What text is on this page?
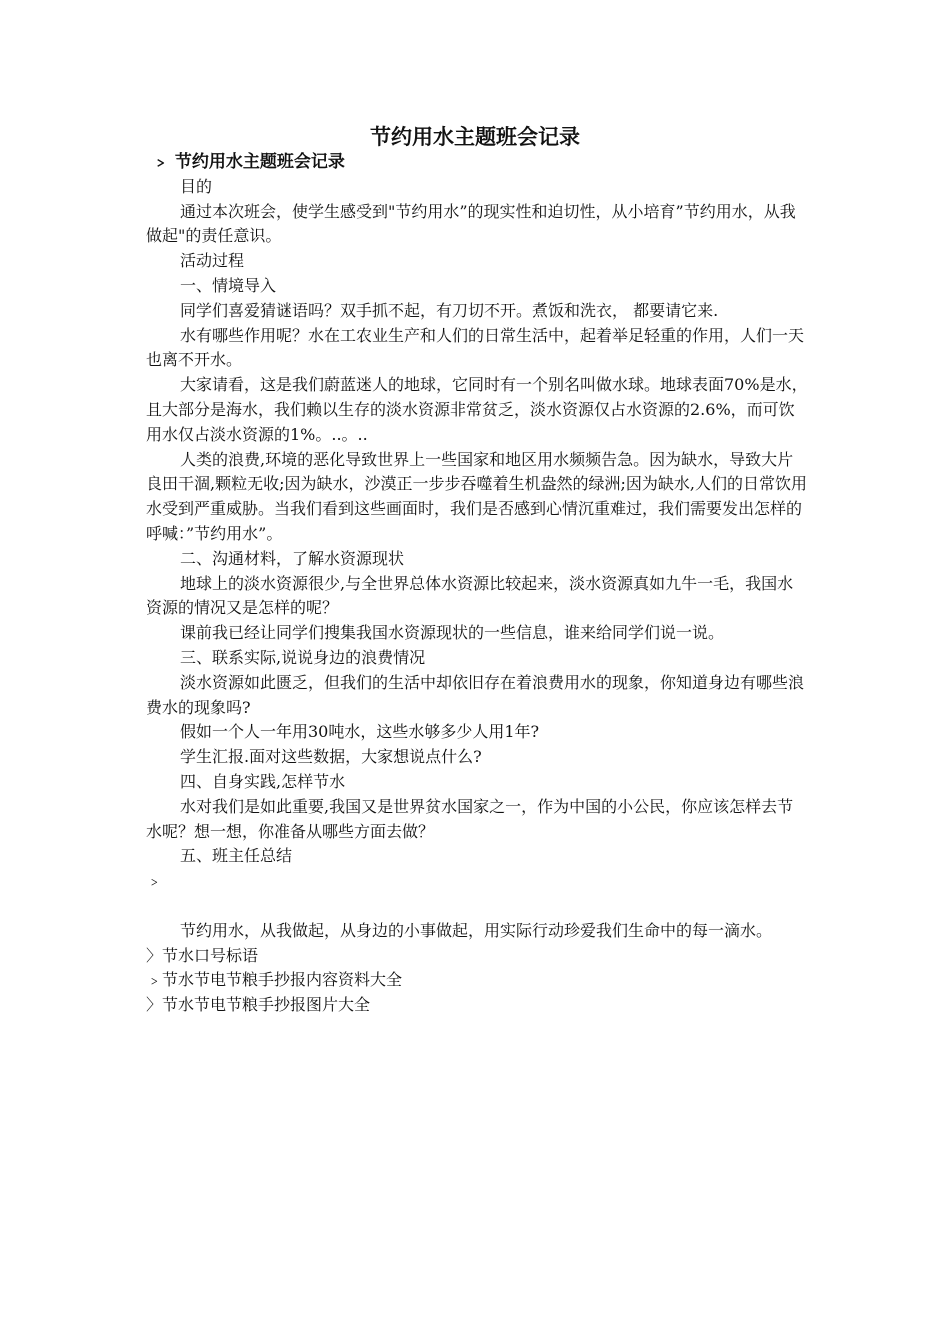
节约用水主题班会记录

﹥ 节约用水主题班会记录

目的

通过本次班会，使学生感受到"节约用水”的现实性和迫切性，从小培育”节约用水，从我做起"的责任意识。

活动过程

一、情境导入

同学们喜爱猜谜语吗？双手抓不起，有刀切不开。煮饭和洗衣， 都要请它来.

水有哪些作用呢？水在工农业生产和人们的日常生活中，起着举足轻重的作用，人们一天也离不开水。

大家请看，这是我们蔚蓝迷人的地球，它同时有一个别名叫做水球。地球表面70%是水，且大部分是海水，我们赖以生存的淡水资源非常贫乏，淡水资源仅占水资源的2.6%，而可饮用水仅占淡水资源的1%。..。..

人类的浪费,环境的恶化导致世界上一些国家和地区用水频频告急。因为缺水，导致大片良田干涸,颗粒无收;因为缺水，沙漠正一步步吞噬着生机盎然的绿洲;因为缺水,人们的日常饮用水受到严重威胁。当我们看到这些画面时，我们是否感到心情沉重难过，我们需要发出怎样的呼喊：”节约用水”。

二、沟通材料，了解水资源现状

地球上的淡水资源很少,与全世界总体水资源比较起来，淡水资源真如九牛一毛，我国水资源的情况又是怎样的呢？

课前我已经让同学们搜集我国水资源现状的一些信息，谁来给同学们说一说。

三、联系实际,说说身边的浪费情况

淡水资源如此匮乏，但我们的生活中却依旧存在着浪费用水的现象，你知道身边有哪些浪费水的现象吗?

假如一个人一年用30吨水，这些水够多少人用1年?

学生汇报.面对这些数据，大家想说点什么?

四、自身实践,怎样节水

水对我们是如此重要,我国又是世界贫水国家之一，作为中国的小公民，你应该怎样去节水呢？想一想，你准备从哪些方面去做？

五、班主任总结

﹥

节约用水，从我做起，从身边的小事做起，用实际行动珍爱我们生命中的每一滴水。

〉节水口号标语

﹥节水节电节粮手抄报内容资料大全

〉节水节电节粮手抄报图片大全
